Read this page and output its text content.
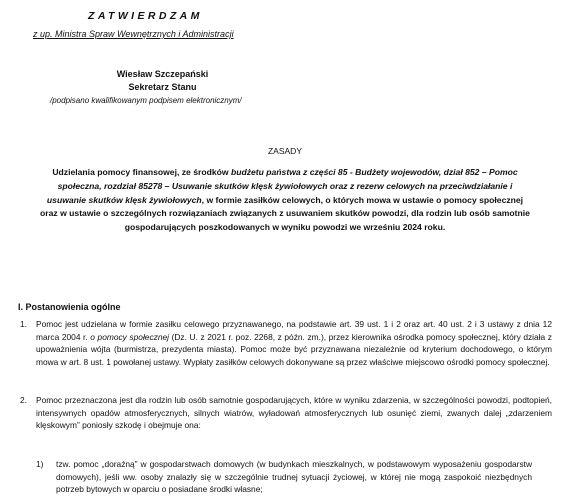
ZATWIERDZAM
z up. Ministra Spraw Wewnętrznych i Administracji
Wiesław Szczepański
Sekretarz Stanu
/podpisano kwalifikowanym podpisem elektronicznym/
ZASADY
Udzielania pomocy finansowej, ze środków budżetu państwa z części 85 - Budżety wojewodów, dział 852 – Pomoc społeczna, rozdział 85278 – Usuwanie skutków klęsk żywiołowych oraz z rezerw celowych na przeciwdziałanie i usuwanie skutków klęsk żywiołowych, w formie zasiłków celowych, o których mowa w ustawie o pomocy społecznej oraz w ustawie o szczególnych rozwiązaniach związanych z usuwaniem skutków powodzi, dla rodzin lub osób samotnie gospodarujących poszkodowanych w wyniku powodzi we wrześniu 2024 roku.
I. Postanowienia ogólne
1. Pomoc jest udzielana w formie zasiłku celowego przyznawanego, na podstawie art. 39 ust. 1 i 2 oraz art. 40 ust. 2 i 3 ustawy z dnia 12 marca 2004 r. o pomocy społecznej (Dz. U. z 2021 r. poz. 2268, z późn. zm.), przez kierownika ośrodka pomocy społecznej, który działa z upoważnienia wójta (burmistrza, prezydenta miasta). Pomoc może być przyznawana niezależnie od kryterium dochodowego, o którym mowa w art. 8 ust. 1 powołanej ustawy. Wypłaty zasiłków celowych dokonywane są przez właściwe miejscowo ośrodki pomocy społecznej.
2. Pomoc przeznaczona jest dla rodzin lub osób samotnie gospodarujących, które w wyniku zdarzenia, w szczególności powodzi, podtopień, intensywnych opadów atmosferycznych, silnych wiatrów, wyładowań atmosferycznych lub osunięć ziemi, zwanych dalej „zdarzeniem klęskowym” poniosły szkodę i obejmuje ona:
1) tzw. pomoc „doraźną” w gospodarstwach domowych (w budynkach mieszkalnych, w podstawowym wyposażeniu gospodarstw domowych), jeśli ww. osoby znalazły się w szczególnie trudnej sytuacji życiowej, w której nie mogą zaspokoić niezbędnych potrzeb bytowych w oparciu o posiadane środki własne;
